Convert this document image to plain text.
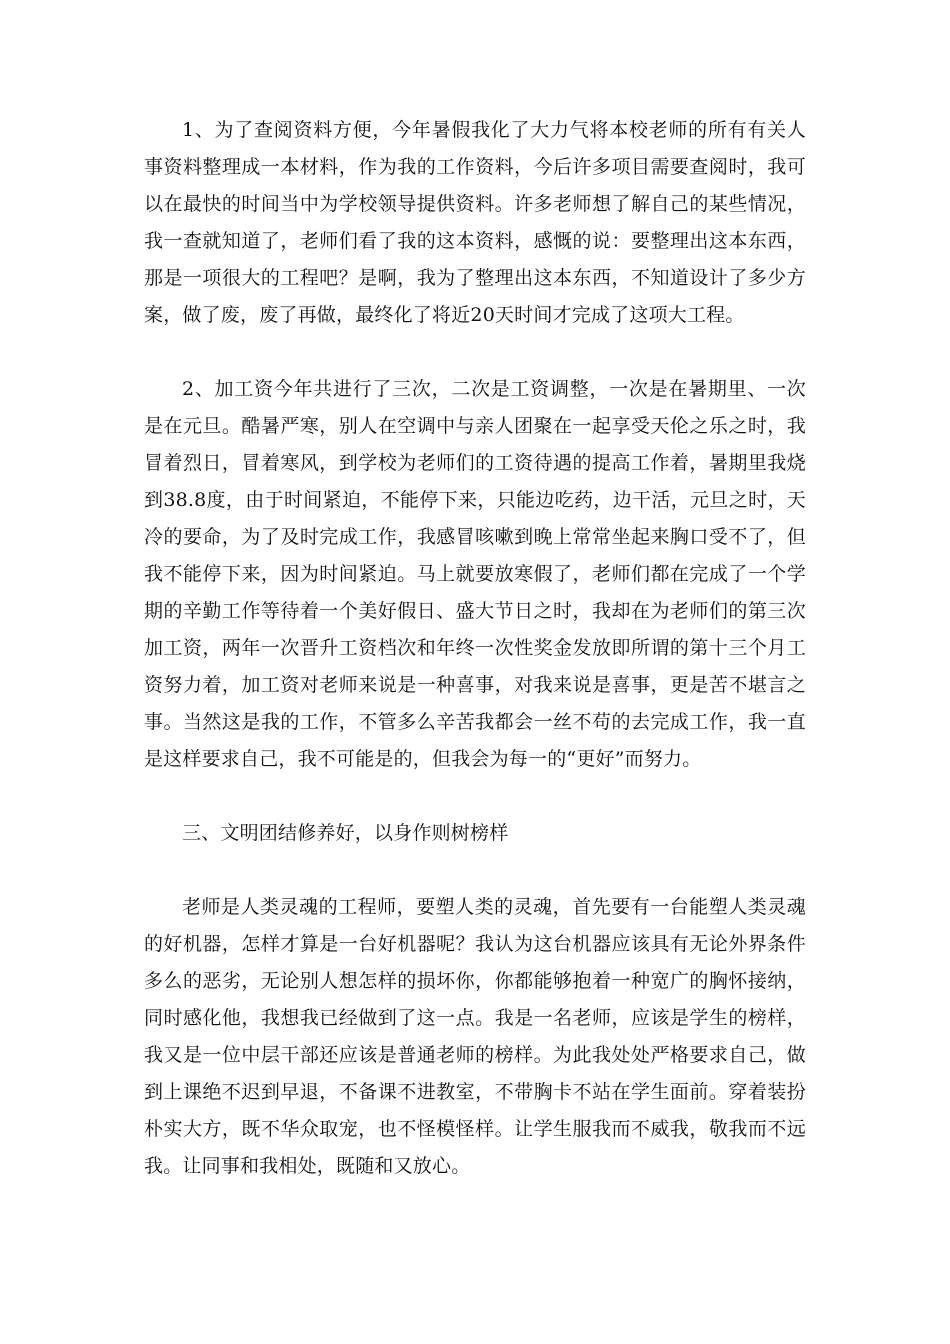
1、为了查阅资料方便，今年暑假我化了大力气将本校老师的所有有关人事资料整理成一本材料，作为我的工作资料，今后许多项目需要查阅时，我可以在最快的时间当中为学校领导提供资料。许多老师想了解自己的某些情况，我一查就知道了，老师们看了我的这本资料，感慨的说：要整理出这本东西，那是一项很大的工程吧？是啊，我为了整理出这本东西，不知道设计了多少方案，做了废，废了再做，最终化了将近20天时间才完成了这项大工程。

2、加工资今年共进行了三次，二次是工资调整，一次是在暑期里、一次是在元旦。酷暑严寒，别人在空调中与亲人团聚在一起享受天伦之乐之时，我冒着烈日，冒着寒风，到学校为老师们的工资待遇的提高工作着，暑期里我烧到38.8度，由于时间紧迫，不能停下来，只能边吃药，边干活，元旦之时，天冷的要命，为了及时完成工作，我感冒咳嗽到晚上常常坐起来胸口受不了，但我不能停下来，因为时间紧迫。马上就要放寒假了，老师们都在完成了一个学期的辛勤工作等待着一个美好假日、盛大节日之时，我却在为老师们的第三次加工资，两年一次晋升工资档次和年终一次性奖金发放即所谓的第十三个月工资努力着，加工资对老师来说是一种喜事，对我来说是喜事，更是苦不堪言之事。当然这是我的工作，不管多么辛苦我都会一丝不苟的去完成工作，我一直是这样要求自己，我不可能是的，但我会为每一的“更好”而努力。

三、文明团结修养好，以身作则树榜样

老师是人类灵魂的工程师，要塑人类的灵魂，首先要有一台能塑人类灵魂的好机器，怎样才算是一台好机器呢？我认为这台机器应该具有无论外界条件多么的恶劣，无论别人想怎样的损坏你，你都能够抱着一种宽广的胸怀接纳，同时感化他，我想我已经做到了这一点。我是一名老师，应该是学生的榜样，我又是一位中层干部还应该是普通老师的榜样。为此我处处严格要求自己，做到上课绝不迟到早退，不备课不进教室，不带胸卡不站在学生面前。穿着装扮朴实大方，既不华众取宠，也不怪模怪样。让学生服我而不威我，敬我而不远我。让同事和我相处，既随和又放心。
